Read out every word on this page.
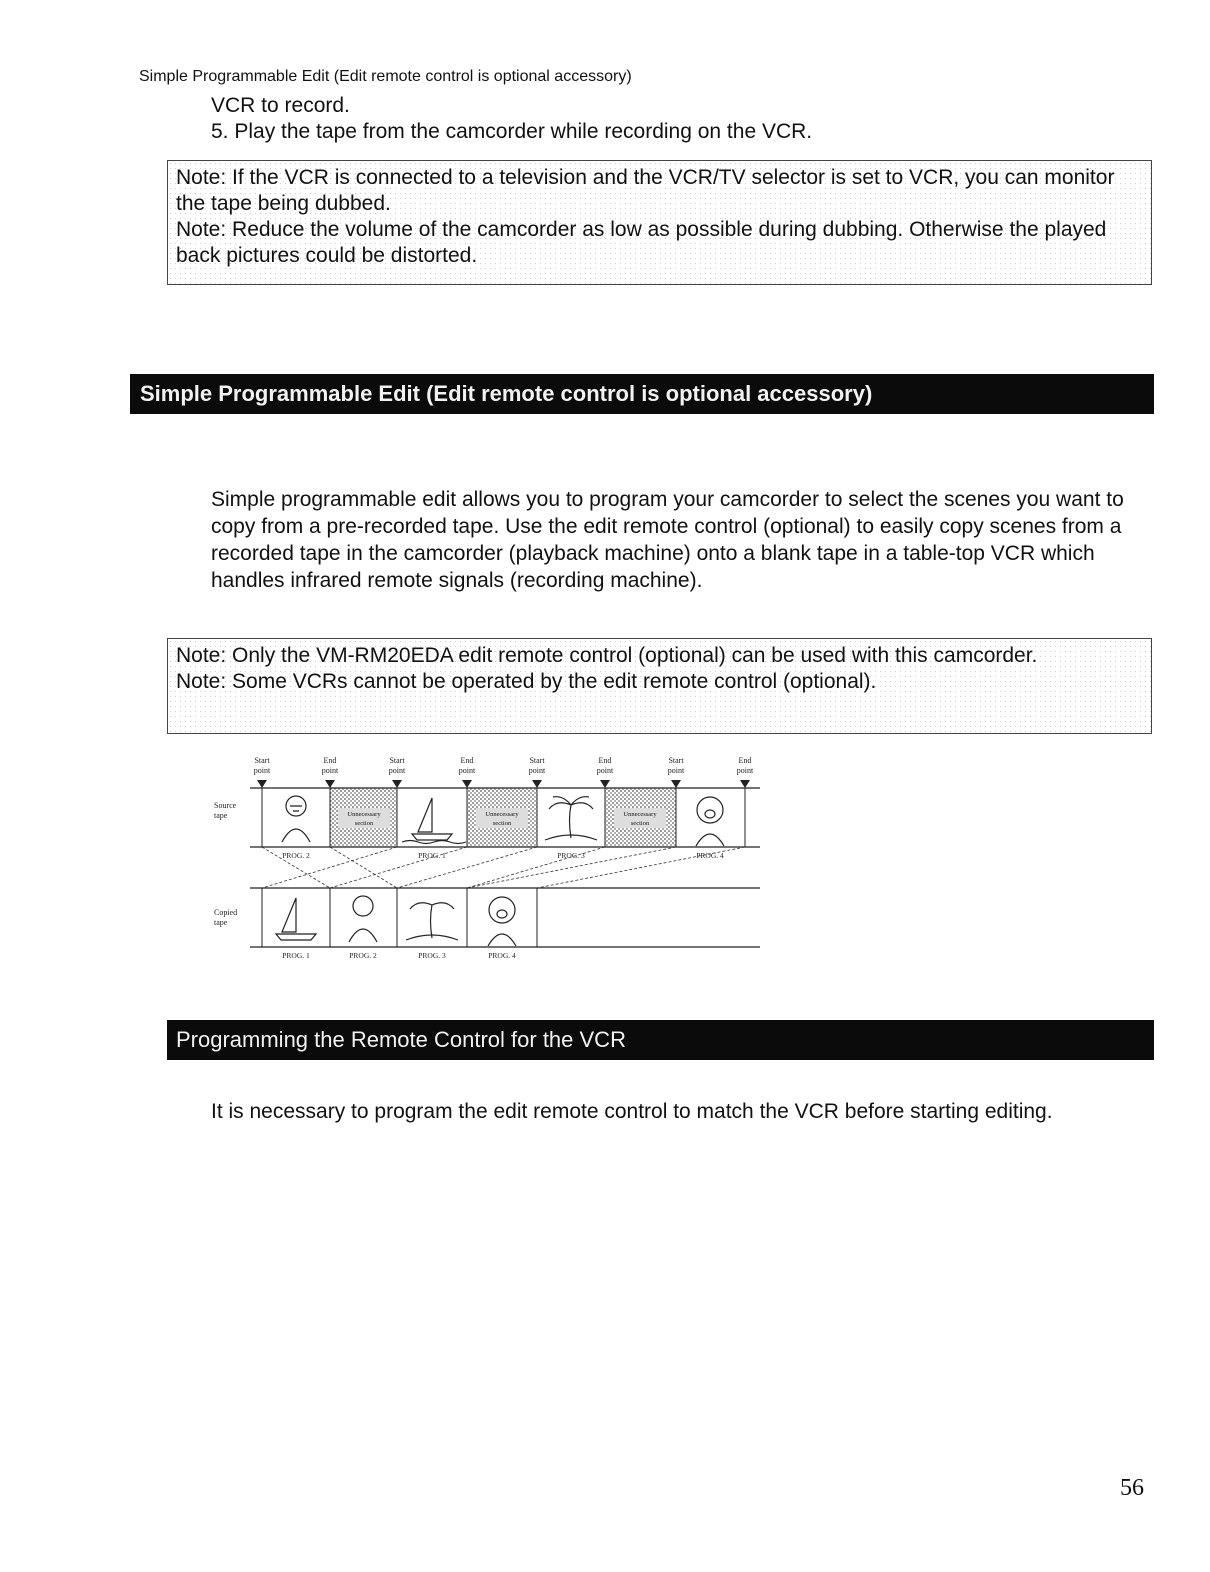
Simple Programmable Edit (Edit remote control is optional accessory)
VCR to record.
5. Play the tape from the camcorder while recording on the VCR.

Note: If the VCR is connected to a television and the VCR/TV selector is set to VCR, you can monitor the tape being dubbed.

Note: Reduce the volume of the camcorder as low as possible during dubbing. Otherwise the played back pictures could be distorted.

Simple Programmable Edit (Edit remote control is optional accessory)

Simple programmable edit allows you to program your camcorder to select the scenes you want to copy from a pre-recorded tape. Use the edit remote control (optional) to easily copy scenes from a recorded tape in the camcorder (playback machine) onto a blank tape in a table-top VCR which handles infrared remote signals (recording machine).

Note: Only the VM-RM20EDA edit remote control (optional) can be used with this camcorder.

Note: Some VCRs cannot be operated by the edit remote control (optional).

Start
point
End
point
Start
point
End
point
Start
point
End
point
Start
point
End
point
Source
tape
Copied
tape
Unnecessary
section
Unnecessary
section
Unnecessary
section
PROG. 2	PROG. 1	PROG. 3	PROG. 4
PROG. 1	PROG. 2	PROG. 3	PROG. 4
Programming the Remote Control for the VCR

It is necessary to program the edit remote control to match the VCR before starting editing.

56
